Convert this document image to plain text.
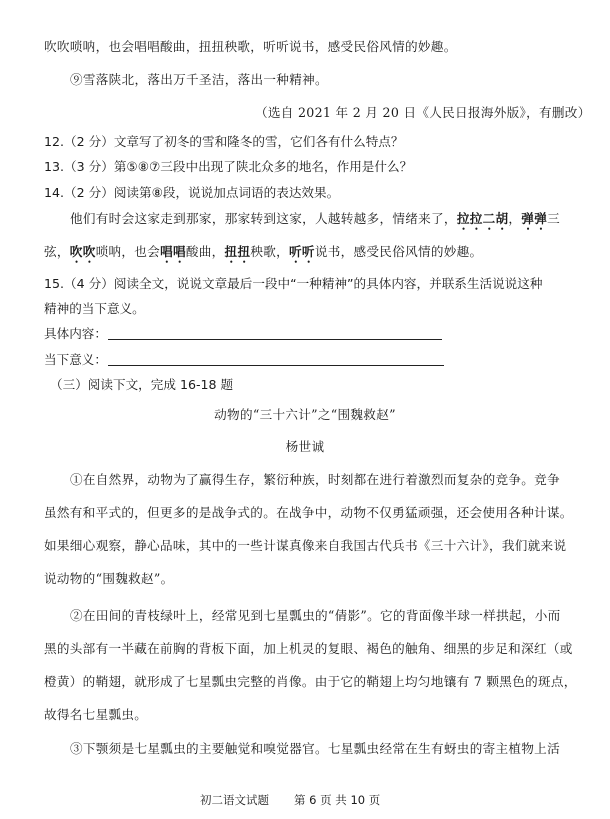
吹吹唢呐，也会唱唱酸曲，扭扭秧歌，听听说书，感受民俗风情的妙趣。
⑨雪落陕北，落出万千圣洁，落出一种精神。
（选自 2021 年 2 月 20 日《人民日报海外版》，有删改）
12.（2 分）文章写了初冬的雪和隆冬的雪，它们各有什么特点？
13.（3 分）第⑤⑧⑦三段中出现了陕北众多的地名，作用是什么？
14.（2 分）阅读第⑧段，说说加点词语的表达效果。
他们有时会这家走到那家，那家转到这家，人越转越多，情绪来了，拉拉二胡，弹弹三
弦，吹吹唢呐，也会唱唱酸曲，扭扭秧歌，听听说书，感受民俗风情的妙趣。
15.（4 分）阅读全文，说说文章最后一段中“一种精神”的具体内容，并联系生活说说这种
精神的当下意义。
具体内容：
当下意义：
（三）阅读下文，完成 16-18 题
动物的“三十六计”之“围魏救赵”
杨世诚
①在自然界，动物为了赢得生存，繁衍种族，时刻都在进行着激烈而复杂的竞争。竞争
虽然有和平式的，但更多的是战争式的。在战争中，动物不仅勇猛顽强，还会使用各种计谋。
如果细心观察，静心品味，其中的一些计谋真像来自我国古代兵书《三十六计》，我们就来说
说动物的“围魏救赵”。
②在田间的青枝绿叶上，经常见到七星瓢虫的“倩影”。它的背面像半球一样拱起，小而
黑的头部有一半藏在前胸的背板下面，加上机灵的复眼、褐色的触角、细黑的步足和深红（或
橙黄）的鞘翅，就形成了七星瓢虫完整的肖像。由于它的鞘翅上均匀地镶有 7 颗黑色的斑点，
故得名七星瓢虫。
③下颚须是七星瓢虫的主要触觉和嗅觉器官。七星瓢虫经常在生有蚜虫的寄主植物上活
初二语文试题 第 6 页 共 10 页
